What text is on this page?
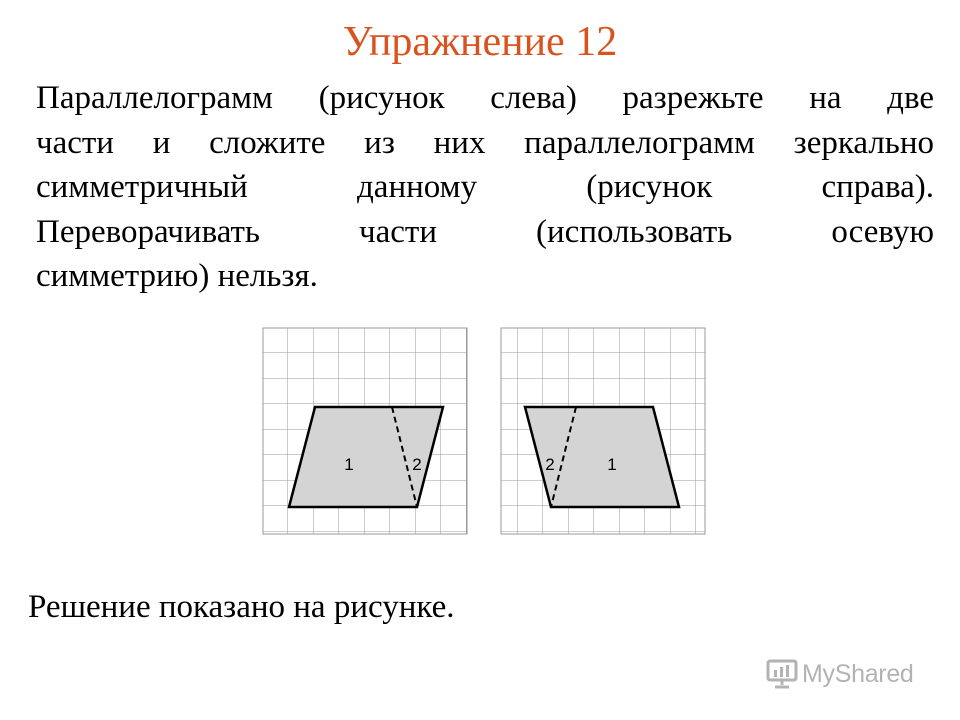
Упражнение 12
Параллелограмм (рисунок слева) разрежьте на две
части и сложите из них параллелограмм зеркально
симметричный данному (рисунок справа).
Переворачивать части (использовать осевую
симметрию) нельзя.
1	2	2	1
Решение показано на рисунке.
MyShared
